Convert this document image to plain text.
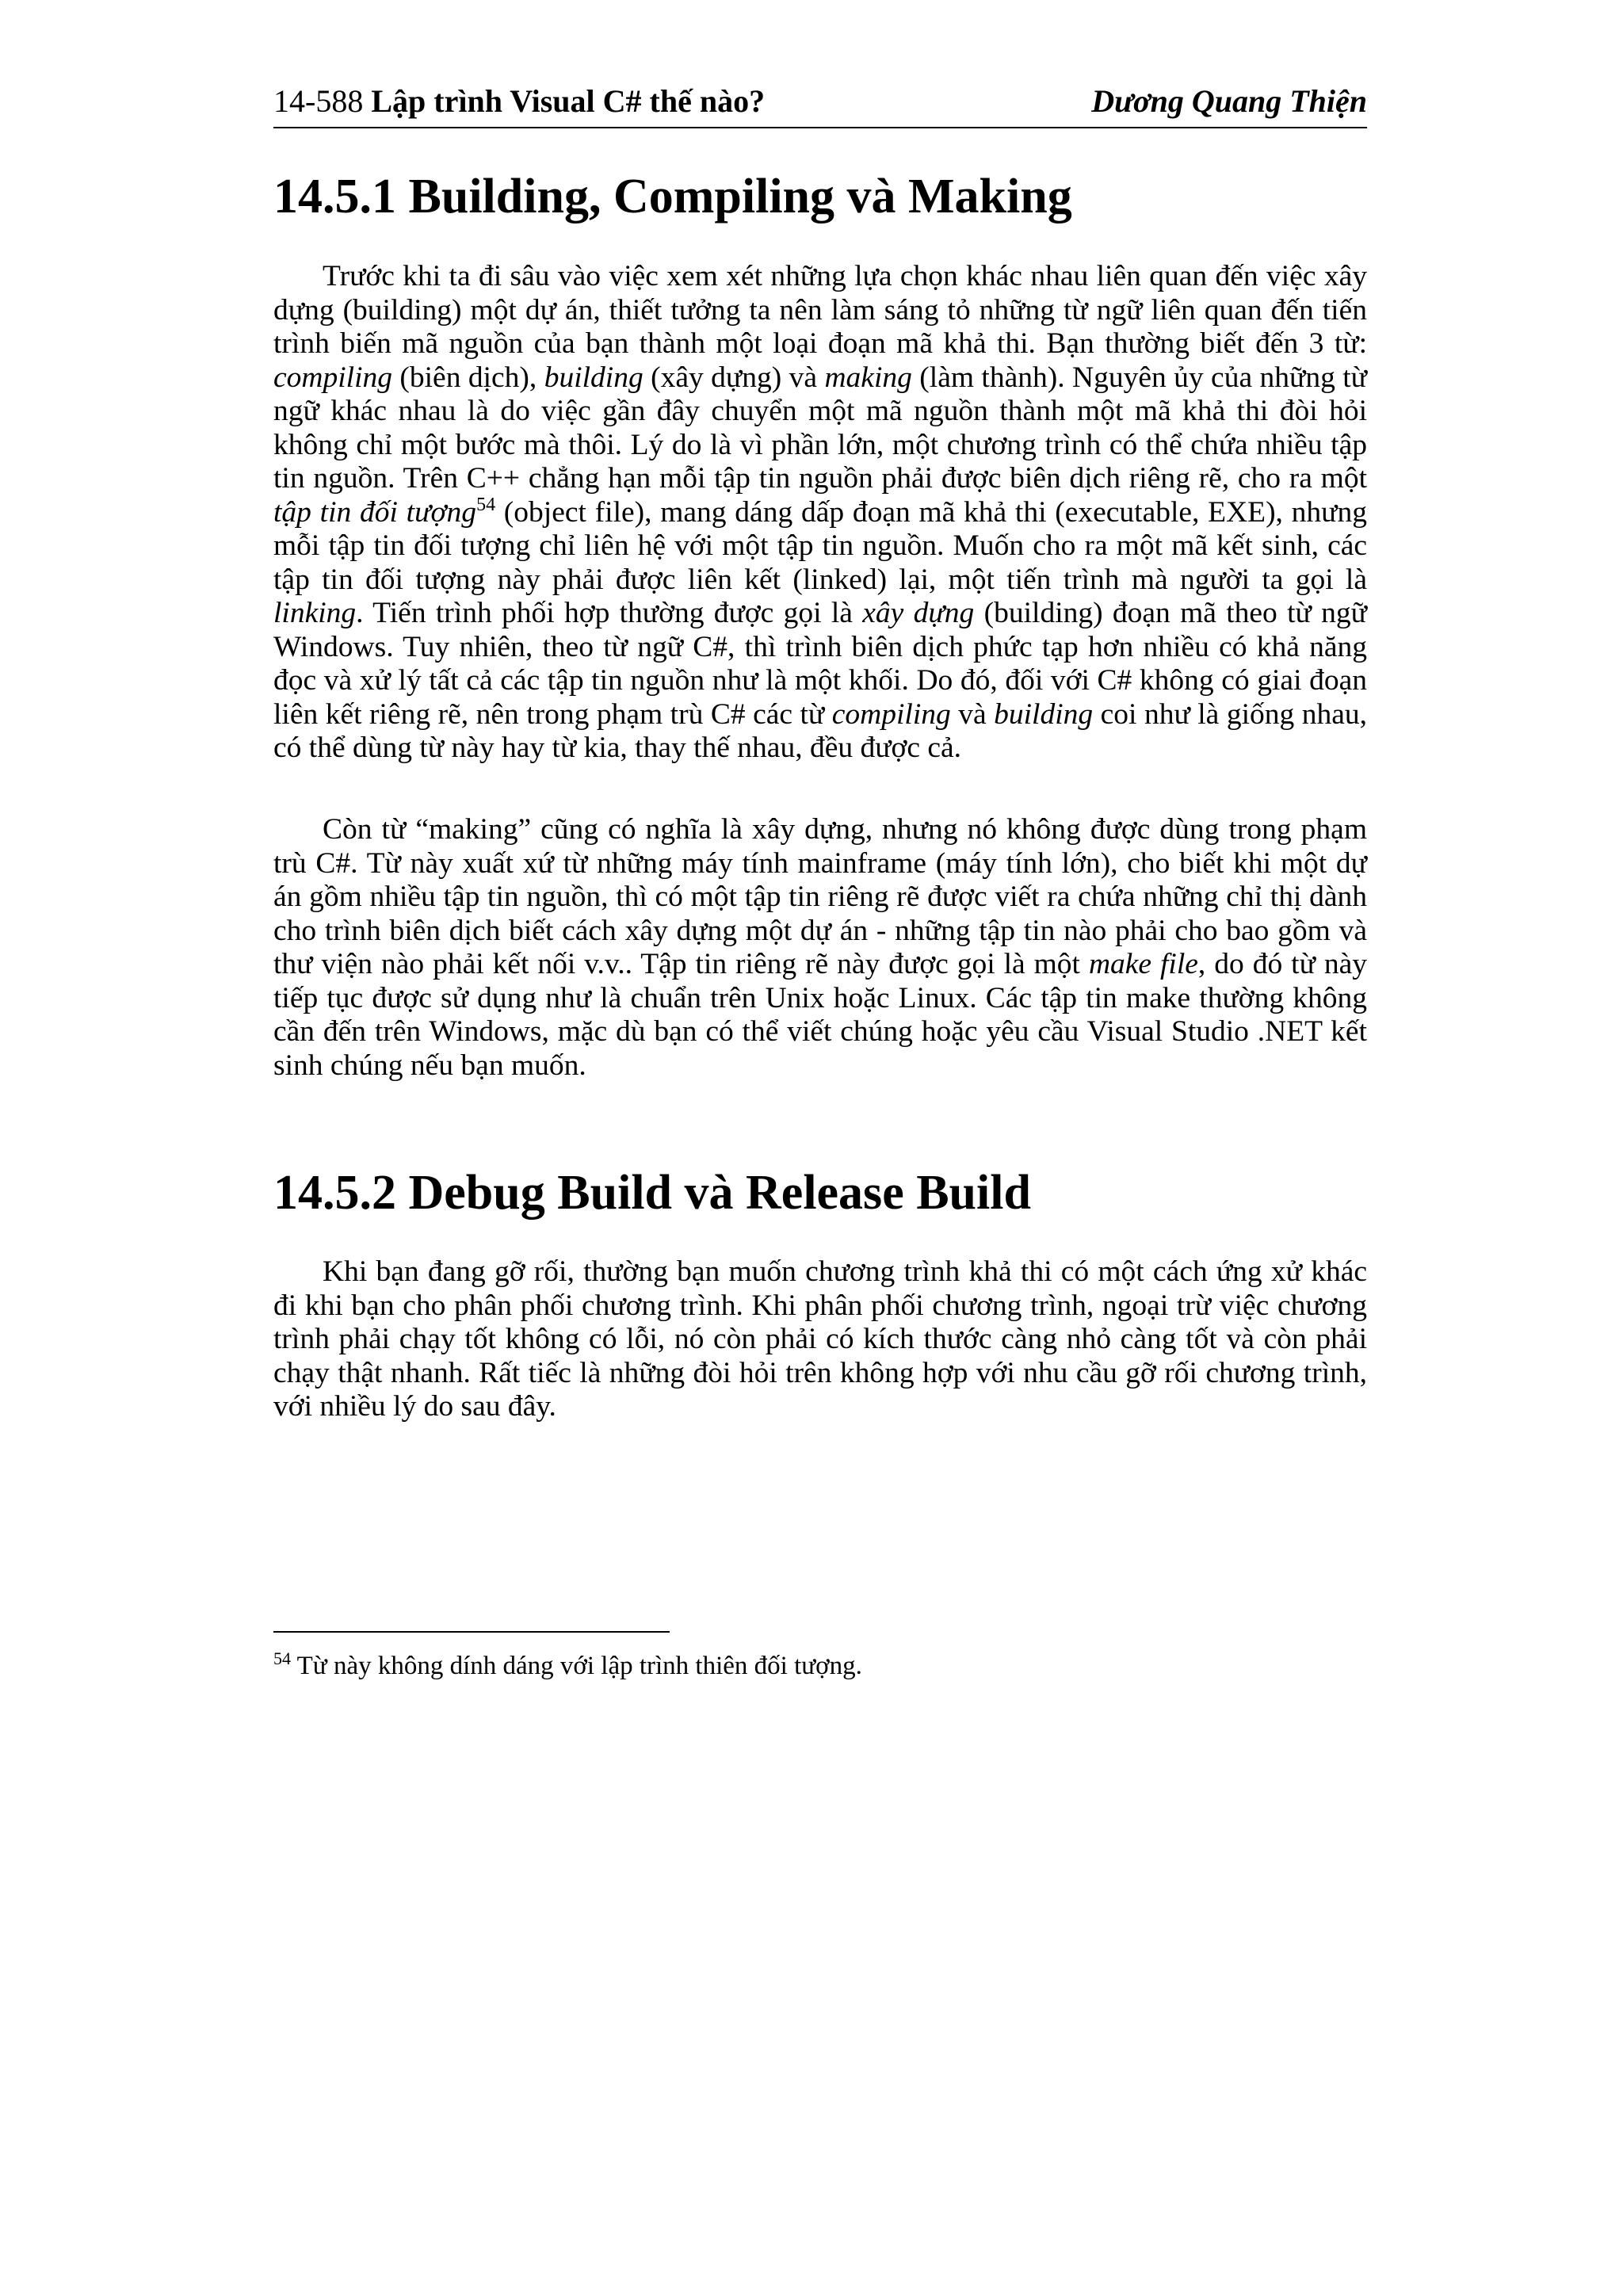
14-588 Lập trình Visual C# thế nào?	Dương Quang Thiện
14.5.1 Building, Compiling và Making

Trước khi ta đi sâu vào việc xem xét những lựa chọn khác nhau liên quan đến việc xây dựng (building) một dự án, thiết tưởng ta nên làm sáng tỏ những từ ngữ liên quan đến tiến trình biến mã nguồn của bạn thành một loại đoạn mã khả thi. Bạn thường biết đến 3 từ: compiling (biên dịch), building (xây dựng) và making (làm thành). Nguyên ủy của những từ ngữ khác nhau là do việc gần đây chuyển một mã nguồn thành một mã khả thi đòi hỏi không chỉ một bước mà thôi. Lý do là vì phần lớn, một chương trình có thể chứa nhiều tập tin nguồn. Trên C++ chẳng hạn mỗi tập tin nguồn phải được biên dịch riêng rẽ, cho ra một tập tin đối tượng$^{54}$ (object file), mang dáng dấp đoạn mã khả thi (executable, EXE), nhưng mỗi tập tin đối tượng chỉ liên hệ với một tập tin nguồn. Muốn cho ra một mã kết sinh, các tập tin đối tượng này phải được liên kết (linked) lại, một tiến trình mà người ta gọi là linking. Tiến trình phối hợp thường được gọi là xây dựng (building) đoạn mã theo từ ngữ Windows. Tuy nhiên, theo từ ngữ C#, thì trình biên dịch phức tạp hơn nhiều có khả năng đọc và xử lý tất cả các tập tin nguồn như là một khối. Do đó, đối với C# không có giai đoạn liên kết riêng rẽ, nên trong phạm trù C# các từ compiling và building coi như là giống nhau, có thể dùng từ này hay từ kia, thay thế nhau, đều được cả.

Còn từ “making” cũng có nghĩa là xây dựng, nhưng nó không được dùng trong phạm trù C#. Từ này xuất xứ từ những máy tính mainframe (máy tính lớn), cho biết khi một dự án gồm nhiều tập tin nguồn, thì có một tập tin riêng rẽ được viết ra chứa những chỉ thị dành cho trình biên dịch biết cách xây dựng một dự án - những tập tin nào phải cho bao gồm và thư viện nào phải kết nối v.v.. Tập tin riêng rẽ này được gọi là một make file, do đó từ này tiếp tục được sử dụng như là chuẩn trên Unix hoặc Linux. Các tập tin make thường không cần đến trên Windows, mặc dù bạn có thể viết chúng hoặc yêu cầu Visual Studio .NET kết sinh chúng nếu bạn muốn.

14.5.2 Debug Build và Release Build

Khi bạn đang gỡ rối, thường bạn muốn chương trình khả thi có một cách ứng xử khác đi khi bạn cho phân phối chương trình. Khi phân phối chương trình, ngoại trừ việc chương trình phải chạy tốt không có lỗi, nó còn phải có kích thước càng nhỏ càng tốt và còn phải chạy thật nhanh. Rất tiếc là những đòi hỏi trên không hợp với nhu cầu gỡ rối chương trình, với nhiều lý do sau đây.

$^{54}$ Từ này không dính dáng với lập trình thiên đối tượng.
